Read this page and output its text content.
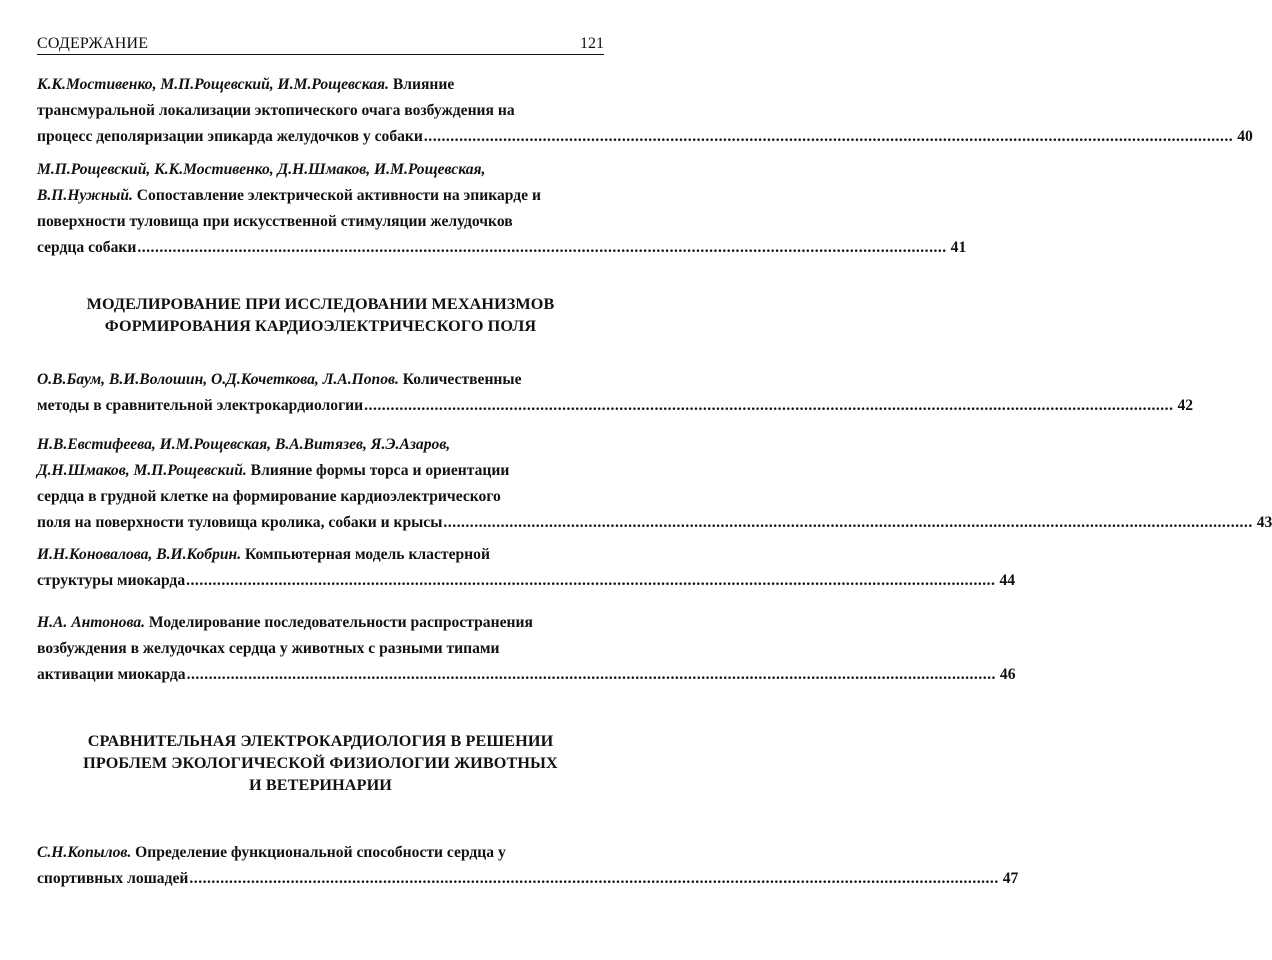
СОДЕРЖАНИЕ	121
К.К.Мостивенко, М.П.Рощевский, И.М.Рощевская. Влияние
трансмуральной локализации эктопического очага возбуждения на
процесс деполяризации эпикарда желудочков у собаки ........................................................................................................................................................................................ 40
М.П.Рощевский, К.К.Мостивенко, Д.Н.Шмаков, И.М.Рощевская,
В.П.Нужный. Сопоставление электрической активности на эпикарде и
поверхности туловища при искусственной стимуляции желудочков
сердца собаки ........................................................................................................................................................................................ 41
МОДЕЛИРОВАНИЕ ПРИ ИССЛЕДОВАНИИ МЕХАНИЗМОВ
ФОРМИРОВАНИЯ КАРДИОЭЛЕКТРИЧЕСКОГО ПОЛЯ
О.В.Баум, В.И.Волошин, О.Д.Кочеткова, Л.А.Попов. Количественные
методы в сравнительной электрокардиологии ........................................................................................................................................................................................ 42
Н.В.Евстифеева, И.М.Рощевская, В.А.Витязев, Я.Э.Азаров,
Д.Н.Шмаков, М.П.Рощевский. Влияние формы торса и ориентации
сердца в грудной клетке на формирование кардиоэлектрического
поля на поверхности туловища кролика, собаки и крысы ........................................................................................................................................................................................ 43
И.Н.Коновалова, В.И.Кобрин. Компьютерная модель кластерной
структуры миокарда ........................................................................................................................................................................................ 44
Н.А. Антонова. Моделирование последовательности распространения
возбуждения в желудочках сердца у животных с разными типами
активации миокарда ........................................................................................................................................................................................ 46
СРАВНИТЕЛЬНАЯ ЭЛЕКТРОКАРДИОЛОГИЯ В РЕШЕНИИ
ПРОБЛЕМ ЭКОЛОГИЧЕСКОЙ ФИЗИОЛОГИИ ЖИВОТНЫХ
И ВЕТЕРИНАРИИ
С.Н.Копылов. Определение функциональной способности сердца у
спортивных лошадей ........................................................................................................................................................................................ 47
